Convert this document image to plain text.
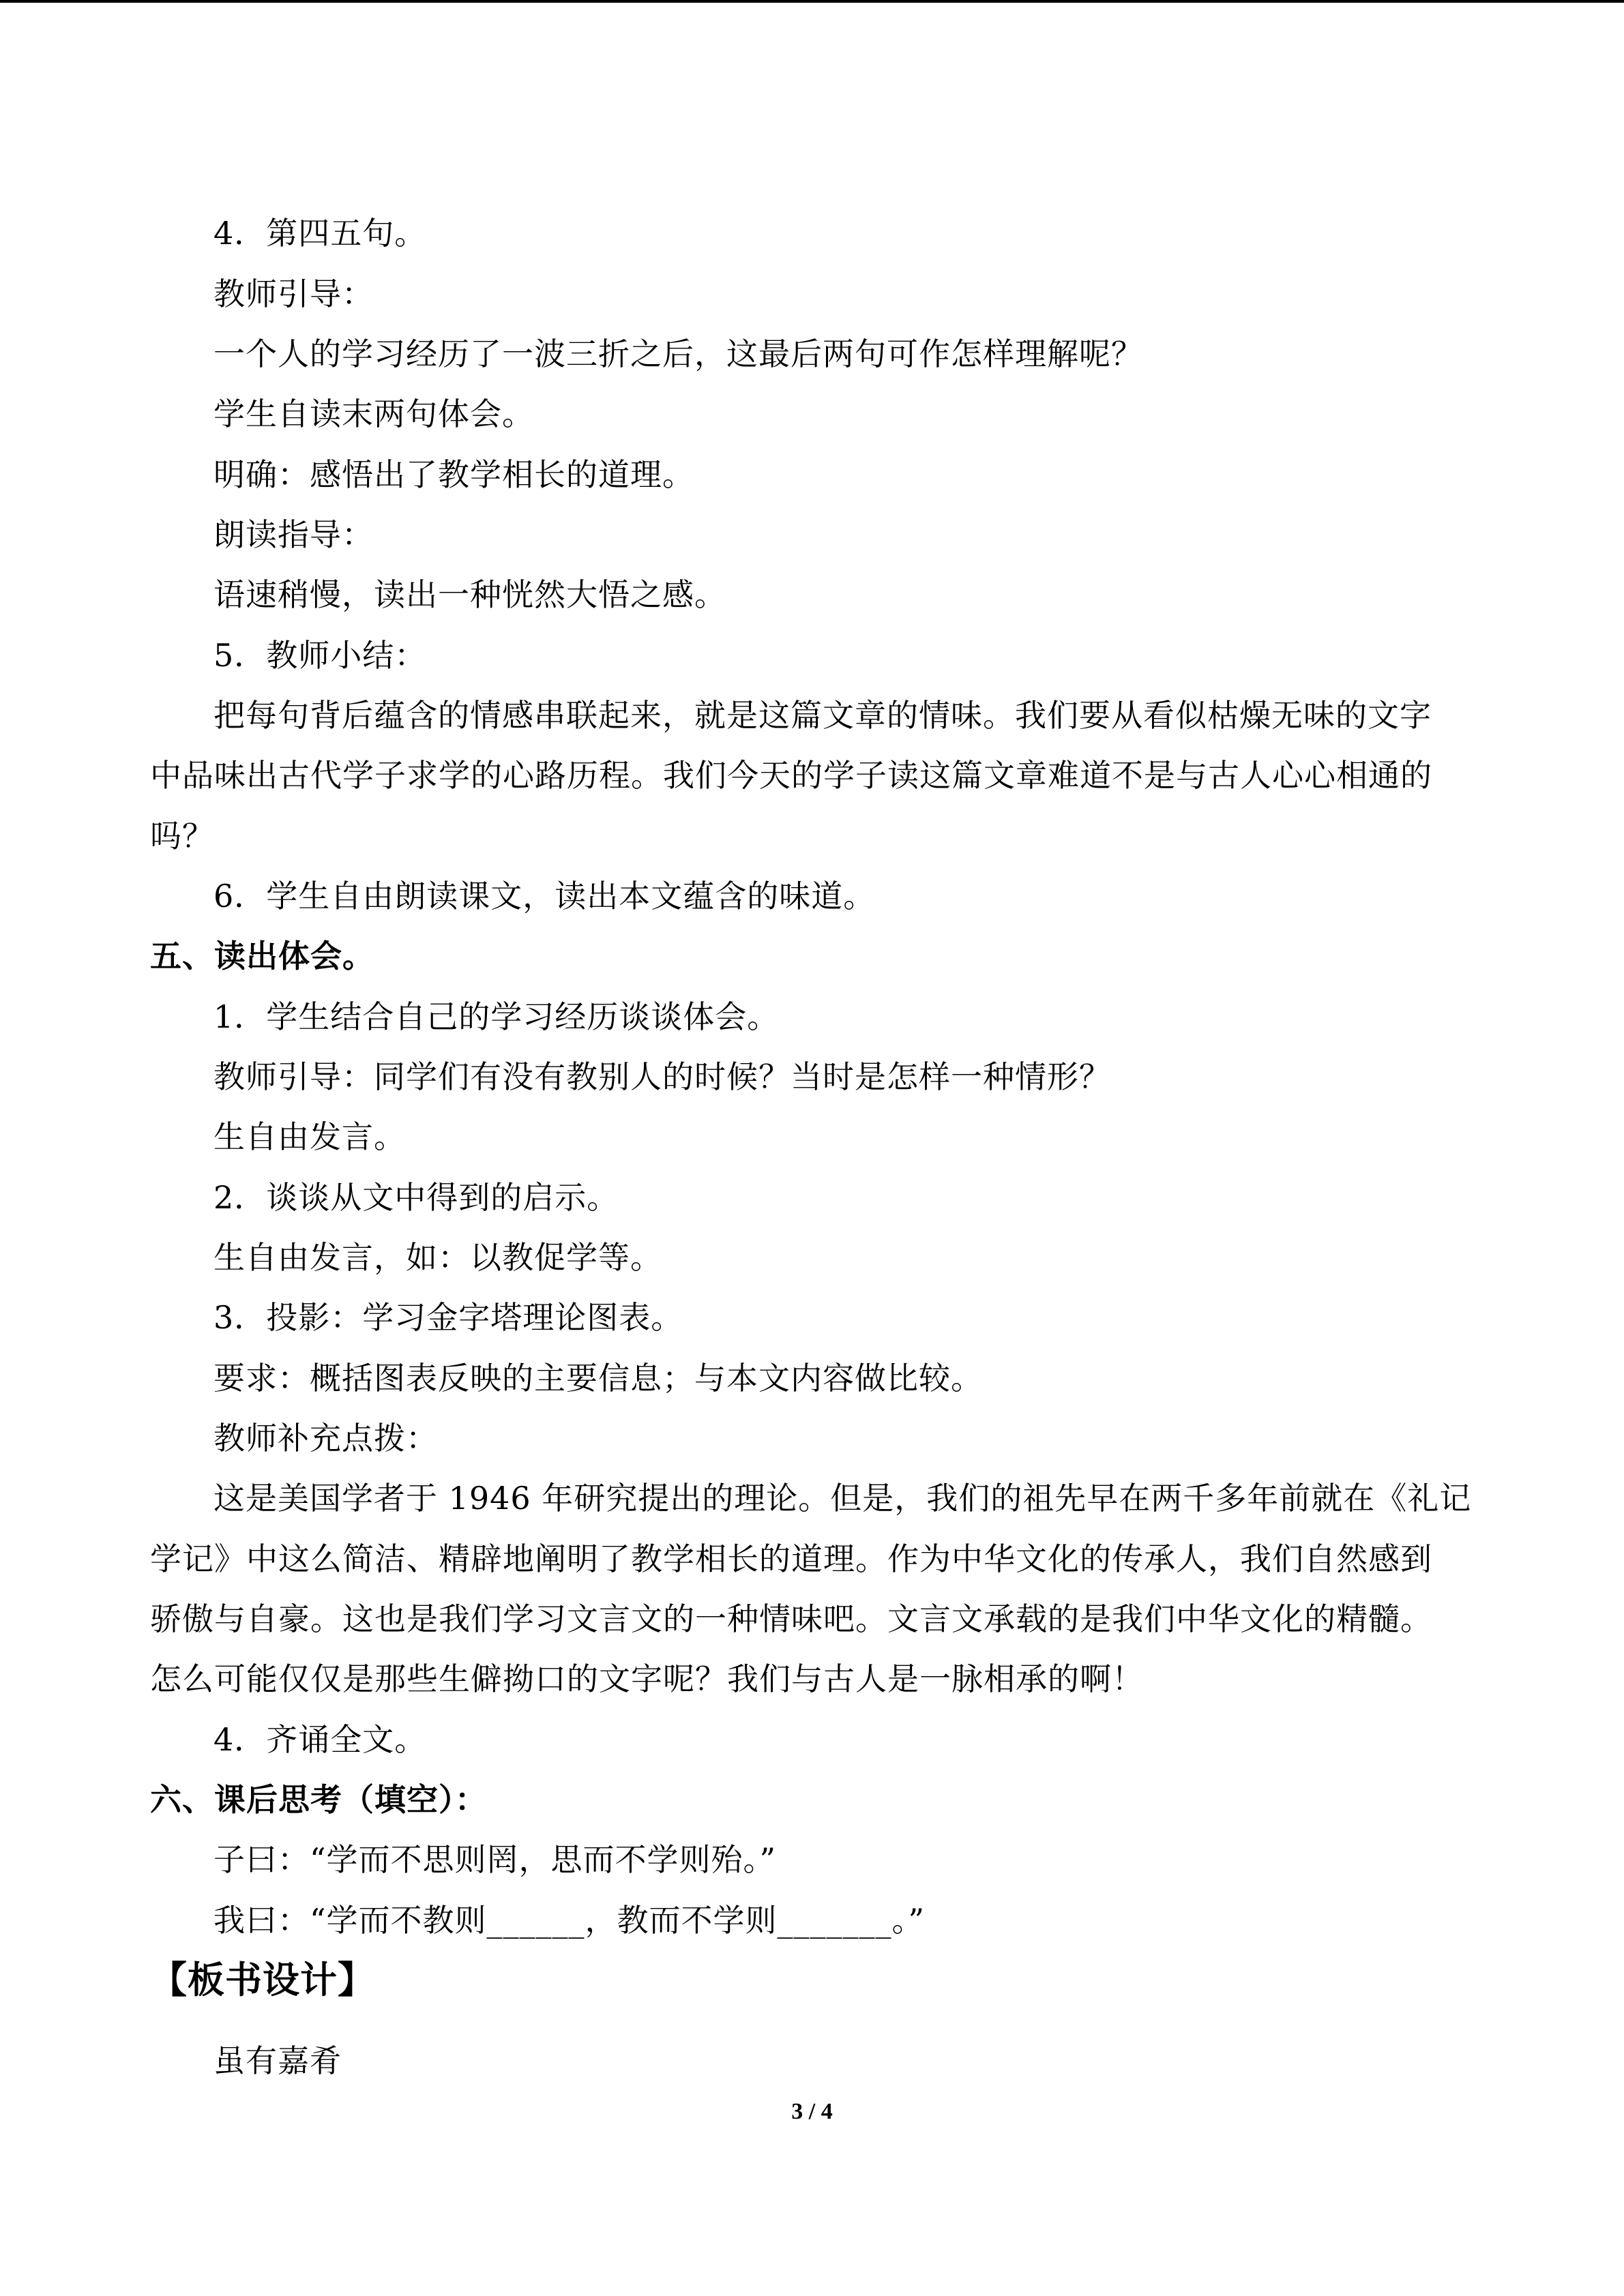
4．第四五句。
教师引导：
一个人的学习经历了一波三折之后，这最后两句可作怎样理解呢？
学生自读末两句体会。
明确：感悟出了教学相长的道理。
朗读指导：
语速稍慢，读出一种恍然大悟之感。
5．教师小结：
把每句背后蕴含的情感串联起来，就是这篇文章的情味。我们要从看似枯燥无味的文字
中品味出古代学子求学的心路历程。我们今天的学子读这篇文章难道不是与古人心心相通的
吗？
6．学生自由朗读课文，读出本文蕴含的味道。
五、读出体会。
1．学生结合自己的学习经历谈谈体会。
教师引导：同学们有没有教别人的时候？当时是怎样一种情形？
生自由发言。
2．谈谈从文中得到的启示。
生自由发言，如：以教促学等。
3．投影：学习金字塔理论图表。
要求：概括图表反映的主要信息；与本文内容做比较。
教师补充点拨：
这是美国学者于 1946 年研究提出的理论。但是，我们的祖先早在两千多年前就在《礼记
学记》中这么简洁、精辟地阐明了教学相长的道理。作为中华文化的传承人，我们自然感到
骄傲与自豪。这也是我们学习文言文的一种情味吧。文言文承载的是我们中华文化的精髓。
怎么可能仅仅是那些生僻拗口的文字呢？我们与古人是一脉相承的啊！
4．齐诵全文。
六、课后思考（填空）：
子曰：“学而不思则罔，思而不学则殆。”
我曰：“学而不教则______，教而不学则_______。”
【板书设计】
虽有嘉肴
3 / 4
